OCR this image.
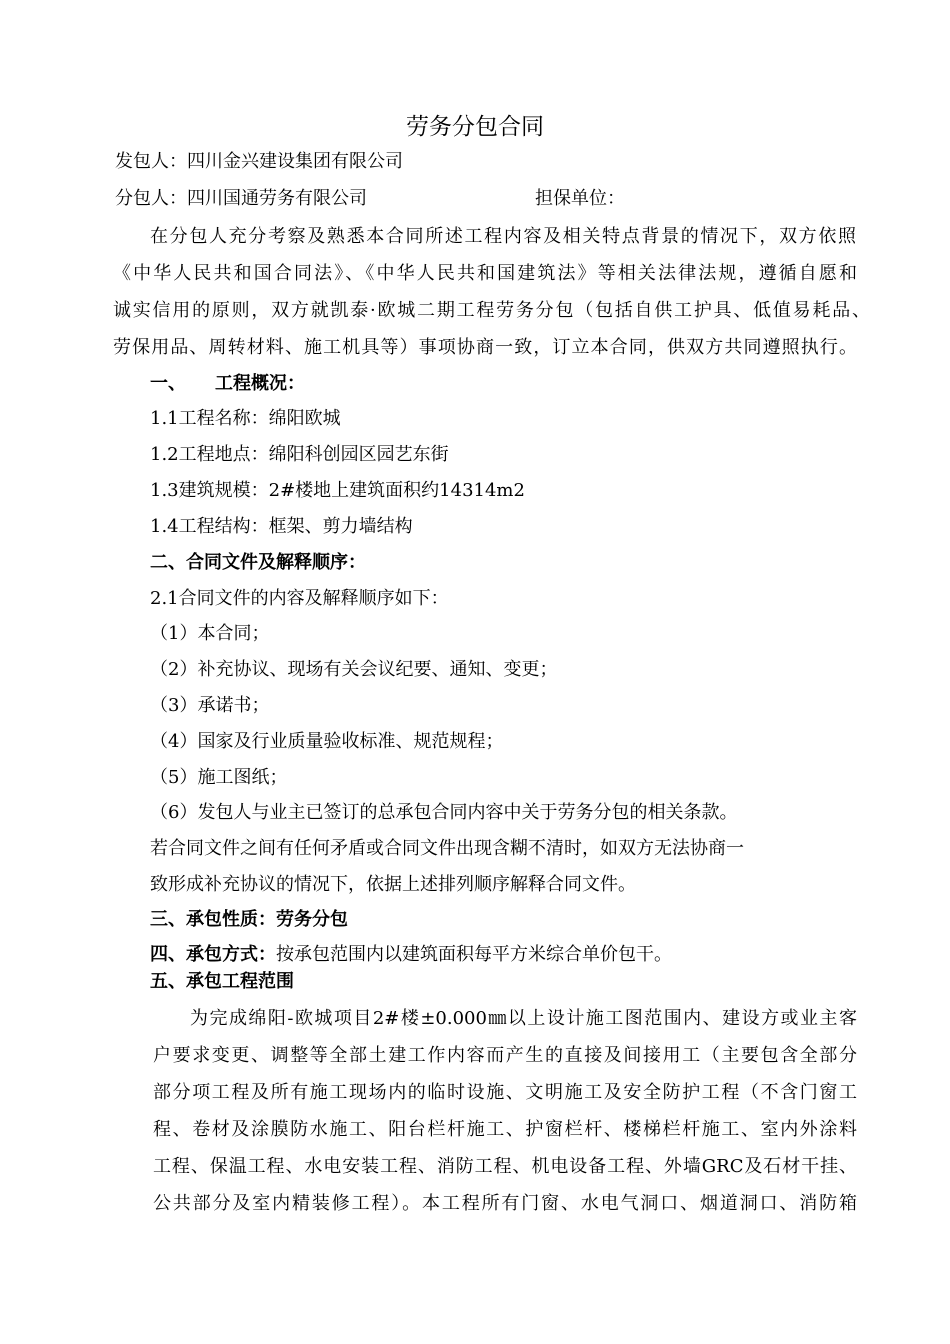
劳务分包合同
发包人：四川金兴建设集团有限公司
分包人：四川国通劳务有限公司	担保单位：
在分包人充分考察及熟悉本合同所述工程内容及相关特点背景的情况下，双方依照
《中华人民共和国合同法》、《中华人民共和国建筑法》等相关法律法规，遵循自愿和
诚实信用的原则，双方就凯泰·欧城二期工程劳务分包（包括自供工护具、低值易耗品、
劳保用品、周转材料、施工机具等）事项协商一致，订立本合同，供双方共同遵照执行。
一、 工程概况：
1.1工程名称：绵阳欧城
1.2工程地点：绵阳科创园区园艺东街
1.3建筑规模：2#楼地上建筑面积约14314m2
1.4工程结构：框架、剪力墙结构
二、合同文件及解释顺序：
2.1合同文件的内容及解释顺序如下：
（1）本合同；
（2）补充协议、现场有关会议纪要、通知、变更；
（3）承诺书；
（4）国家及行业质量验收标准、规范规程；
（5）施工图纸；
（6）发包人与业主已签订的总承包合同内容中关于劳务分包的相关条款。
若合同文件之间有任何矛盾或合同文件出现含糊不清时，如双方无法协商一
致形成补充协议的情况下，依据上述排列顺序解释合同文件。
三、承包性质：劳务分包
四、承包方式：按承包范围内以建筑面积每平方米综合单价包干。
五、承包工程范围
为完成绵阳-欧城项目2#楼±0.000㎜以上设计施工图范围内、建设方或业主客
户要求变更、调整等全部土建工作内容而产生的直接及间接用工（主要包含全部分
部分项工程及所有施工现场内的临时设施、文明施工及安全防护工程（不含门窗工
程、卷材及涂膜防水施工、阳台栏杆施工、护窗栏杆、楼梯栏杆施工、室内外涂料
工程、保温工程、水电安装工程、消防工程、机电设备工程、外墙GRC及石材干挂、
公共部分及室内精装修工程）。本工程所有门窗、水电气洞口、烟道洞口、消防箱
